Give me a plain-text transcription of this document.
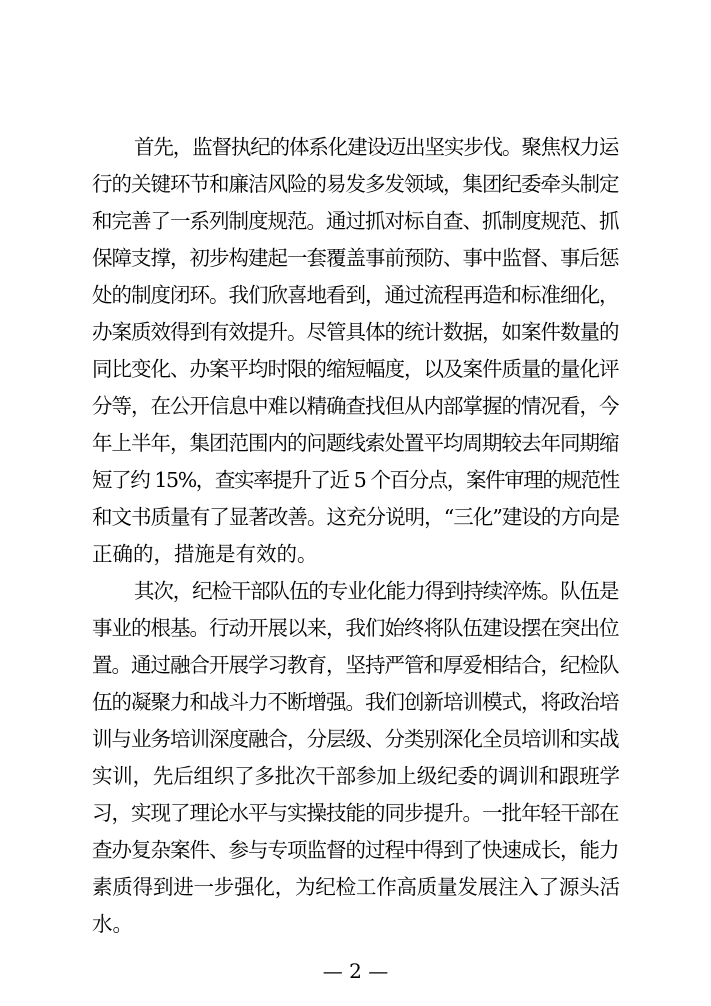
首先，监督执纪的体系化建设迈出坚实步伐。聚焦权力运
行的关键环节和廉洁风险的易发多发领域，集团纪委牵头制定
和完善了一系列制度规范。通过抓对标自查、抓制度规范、抓
保障支撑，初步构建起一套覆盖事前预防、事中监督、事后惩
处的制度闭环。我们欣喜地看到，通过流程再造和标准细化，
办案质效得到有效提升。尽管具体的统计数据，如案件数量的
同比变化、办案平均时限的缩短幅度，以及案件质量的量化评
分等，在公开信息中难以精确查找但从内部掌握的情况看，今
年上半年，集团范围内的问题线索处置平均周期较去年同期缩
短了约 15%，查实率提升了近 5 个百分点，案件审理的规范性
和文书质量有了显著改善。这充分说明，“三化”建设的方向是
正确的，措施是有效的。
其次，纪检干部队伍的专业化能力得到持续淬炼。队伍是
事业的根基。行动开展以来，我们始终将队伍建设摆在突出位
置。通过融合开展学习教育，坚持严管和厚爱相结合，纪检队
伍的凝聚力和战斗力不断增强。我们创新培训模式，将政治培
训与业务培训深度融合，分层级、分类别深化全员培训和实战
实训，先后组织了多批次干部参加上级纪委的调训和跟班学
习，实现了理论水平与实操技能的同步提升。一批年轻干部在
查办复杂案件、参与专项监督的过程中得到了快速成长，能力
素质得到进一步强化，为纪检工作高质量发展注入了源头活
水。
— 2 —
